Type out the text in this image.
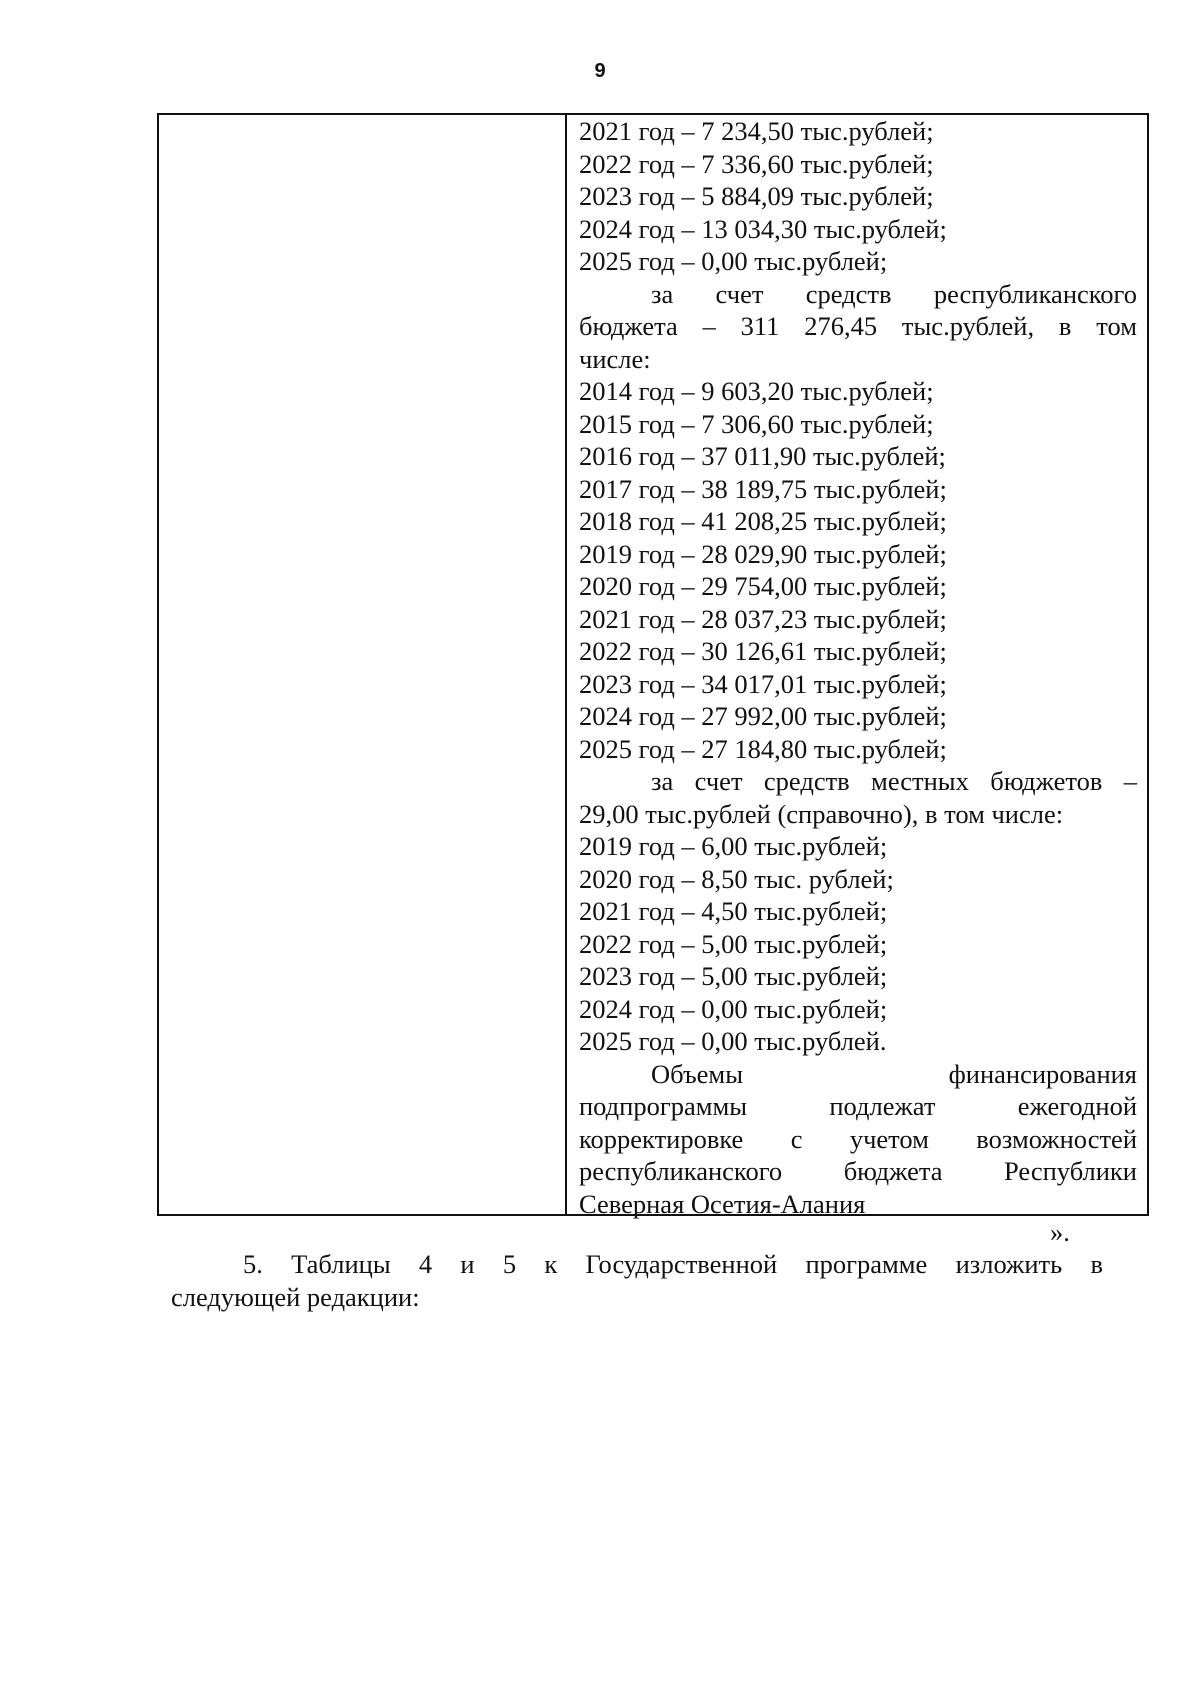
9
2021 год – 7 234,50 тыс.рублей;
2022 год – 7 336,60 тыс.рублей;
2023 год – 5 884,09 тыс.рублей;
2024 год – 13 034,30 тыс.рублей;
2025 год – 0,00 тыс.рублей;
за счет средств республиканского
бюджета – 311 276,45 тыс.рублей, в том
числе:
2014 год – 9 603,20 тыс.рублей;
2015 год – 7 306,60 тыс.рублей;
2016 год – 37 011,90 тыс.рублей;
2017 год – 38 189,75 тыс.рублей;
2018 год – 41 208,25 тыс.рублей;
2019 год – 28 029,90 тыс.рублей;
2020 год – 29 754,00 тыс.рублей;
2021 год – 28 037,23 тыс.рублей;
2022 год – 30 126,61 тыс.рублей;
2023 год – 34 017,01 тыс.рублей;
2024 год – 27 992,00 тыс.рублей;
2025 год – 27 184,80 тыс.рублей;
за счет средств местных бюджетов –
29,00 тыс.рублей (справочно), в том числе:
2019 год – 6,00 тыс.рублей;
2020 год – 8,50 тыс. рублей;
2021 год – 4,50 тыс.рублей;
2022 год – 5,00 тыс.рублей;
2023 год – 5,00 тыс.рублей;
2024 год – 0,00 тыс.рублей;
2025 год – 0,00 тыс.рублей.
Объемы финансирования
подпрограммы подлежат ежегодной
корректировке с учетом возможностей
республиканского бюджета Республики
Северная Осетия-Алания
».
5. Таблицы 4 и 5 к Государственной программе изложить в
следующей редакции:
